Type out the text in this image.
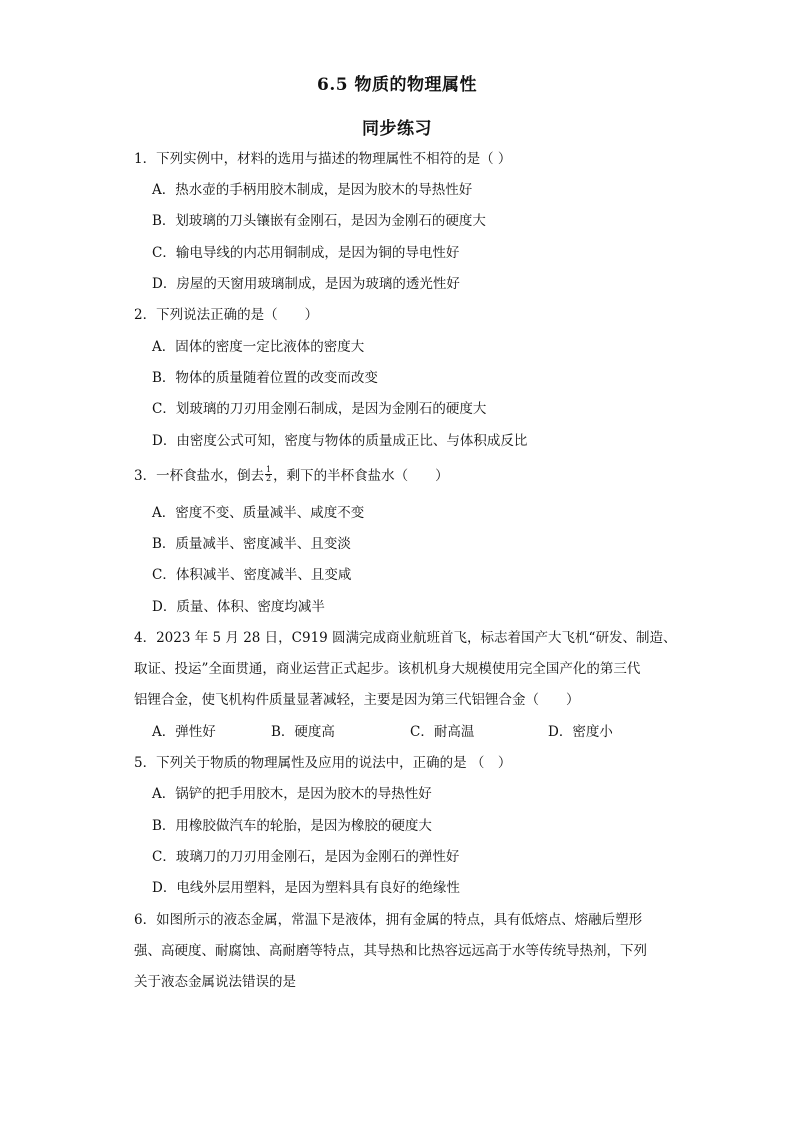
6.5 物质的物理属性
同步练习
1．下列实例中，材料的选用与描述的物理属性不相符的是（ ）
A．热水壶的手柄用胶木制成，是因为胶木的导热性好
B．划玻璃的刀头镶嵌有金刚石，是因为金刚石的硬度大
C．输电导线的内芯用铜制成，是因为铜的导电性好
D．房屋的天窗用玻璃制成，是因为玻璃的透光性好
2．下列说法正确的是（　　）
A．固体的密度一定比液体的密度大
B．物体的质量随着位置的改变而改变
C．划玻璃的刀刃用金刚石制成，是因为金刚石的硬度大
D．由密度公式可知，密度与物体的质量成正比、与体积成反比
3．一杯食盐水，倒去 $\frac{1}{2}$ ，剩下的半杯食盐水（　　）
A．密度不变、质量减半、咸度不变
B．质量减半、密度减半、且变淡
C．体积减半、密度减半、且变咸
D．质量、体积、密度均减半
4．2023 年 5 月 28 日，C919 圆满完成商业航班首飞，标志着国产大飞机“研发、制造、
取证、投运”全面贯通，商业运营正式起步。该机机身大规模使用完全国产化的第三代
铝锂合金，使飞机构件质量显著减轻，主要是因为第三代铝锂合金（　　）
A．弹性好	B．硬度高	C．耐高温	D．密度小
5．下列关于物质的物理属性及应用的说法中，正确的是 （　）
A．锅铲的把手用胶木，是因为胶木的导热性好
B．用橡胶做汽车的轮胎，是因为橡胶的硬度大
C．玻璃刀的刀刃用金刚石，是因为金刚石的弹性好
D．电线外层用塑料，是因为塑料具有良好的绝缘性
6．如图所示的液态金属，常温下是液体，拥有金属的特点，具有低熔点、熔融后塑形
强、高硬度、耐腐蚀、高耐磨等特点，其导热和比热容远远高于水等传统导热剂，下列
关于液态金属说法错误的是
